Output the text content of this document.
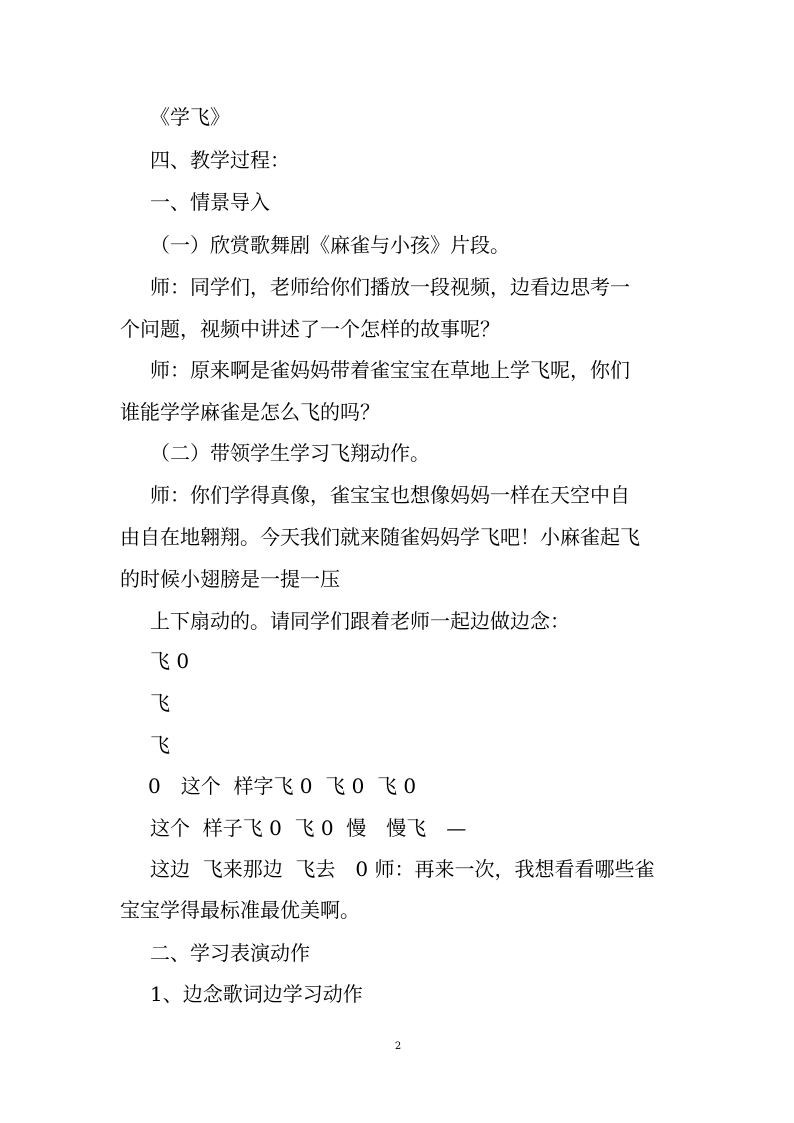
《学飞》
四、教学过程：
一、情景导入
（一）欣赏歌舞剧《麻雀与小孩》片段。
师：同学们，老师给你们播放一段视频，边看边思考一
个问题，视频中讲述了一个怎样的故事呢？
师：原来啊是雀妈妈带着雀宝宝在草地上学飞呢，你们
谁能学学麻雀是怎么飞的吗？
（二）带领学生学习飞翔动作。
师：你们学得真像，雀宝宝也想像妈妈一样在天空中自
由自在地翱翔。今天我们就来随雀妈妈学飞吧！小麻雀起飞
的时候小翅膀是一提一压
上下扇动的。请同学们跟着老师一起边做边念：
飞 0
飞
飞
0　这个  样字飞 0  飞 0  飞 0
这个  样子飞 0  飞 0  慢　慢飞　—
这边  飞来那边  飞去　0 师：再来一次，我想看看哪些雀
宝宝学得最标准最优美啊。
二、学习表演动作
1、边念歌词边学习动作
2
